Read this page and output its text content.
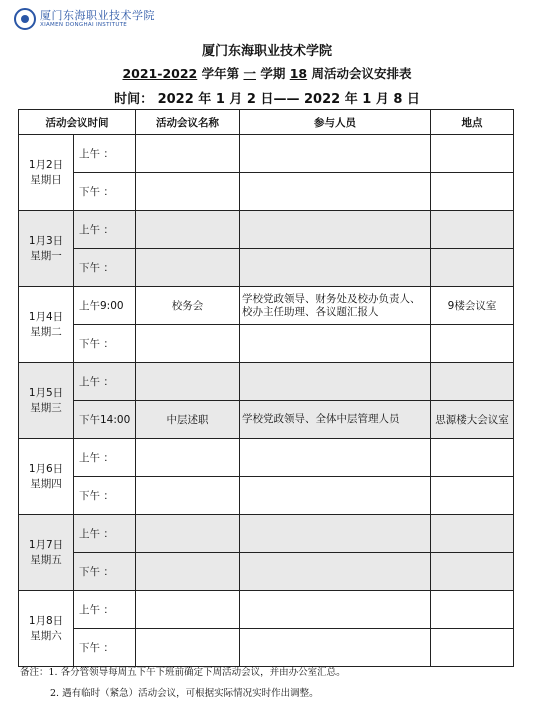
厦门东海职业技术学院
XIAMEN DONGHAI INSTITUTE
厦门东海职业技术学院
2021-2022 学年第 一 学期 18 周活动会议安排表
时间： 2022 年 1 月 2 日—— 2022 年 1 月 8 日
活动会议时间		活动会议名称	参与人员	地点

1月2日
星期日	上午 ：			
	下午 ：			

1月3日
星期一	上午 ：			
	下午 ：			

1月4日
星期二	上午9:00	校务会	学校党政领导、财务处及校办负责人、校办主任助理、各议题汇报人	9楼会议室
	下午 ：			

1月5日
星期三	上午 ：			
	下午14:00	中层述职	学校党政领导、全体中层管理人员	思源楼大会议室

1月6日
星期四	上午 ：			
	下午 ：			

1月7日
星期五	上午 ：			
	下午 ：			

1月8日
星期六	上午 ：			
	下午 ：			
备注：1. 各分管领导每周五下午下班前确定下周活动会议，并由办公室汇总。
2. 遇有临时（紧急）活动会议，可根据实际情况实时作出调整。
